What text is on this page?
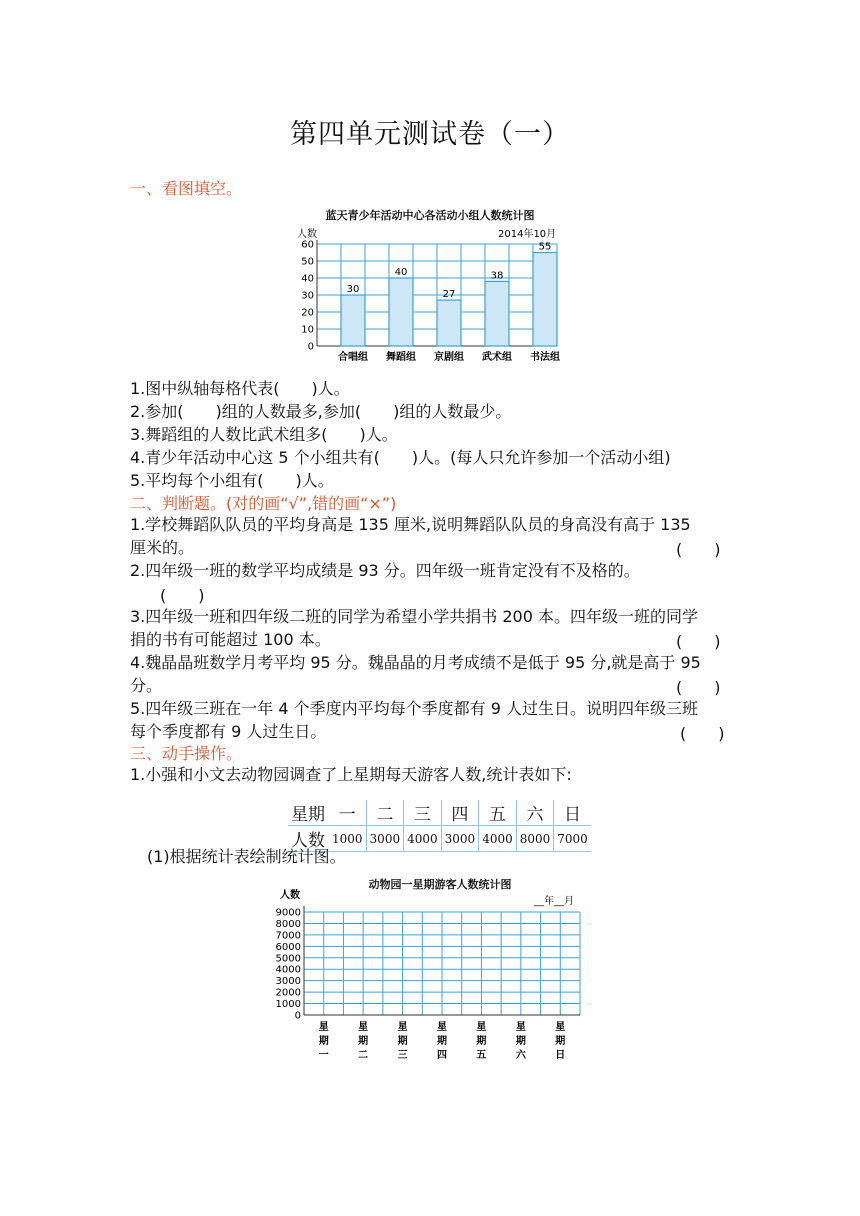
第四单元测试卷（一）
一、看图填空。
蓝天青少年活动中心各活动小组人数统计图
人数	2014年10月
30
40
27
38
55
0
10
20
30
40
50
60
合唱组 舞蹈组 京剧组 武术组 书法组
1.图中纵轴每格代表(　　)人。
2.参加(　　)组的人数最多,参加(　　)组的人数最少。
3.舞蹈组的人数比武术组多(　　)人。
4.青少年活动中心这 5 个小组共有(　　)人。(每人只允许参加一个活动小组)
5.平均每个小组有(　　)人。
二、判断题。(对的画“√”,错的画“×”)
1.学校舞蹈队队员的平均身高是 135 厘米,说明舞蹈队队员的身高没有高于 135
厘米的。
2.四年级一班的数学平均成绩是 93 分。四年级一班肯定没有不及格的。
3.四年级一班和四年级二班的同学为希望小学共捐书 200 本。四年级一班的同学
捐的书有可能超过 100 本。
4.魏晶晶班数学月考平均 95 分。魏晶晶的月考成绩不是低于 95 分,就是高于 95
分。
5.四年级三班在一年 4 个季度内平均每个季度都有 9 人过生日。说明四年级三班
每个季度都有 9 人过生日。
(　　)
(　　)
(　　)
(　　)
(　　)
三、动手操作。
1.小强和小文去动物园调查了上星期每天游客人数,统计表如下:
星期	一	二	三	四	五	六	日
人数	1000	3000	4000	3000	4000	8000	7000
(1)根据统计表绘制统计图。
动物园一星期游客人数统计图
人数
__年__月
0
1000
2000
3000
4000
5000
6000
7000
8000
9000
星
期
一
星
期
二
星
期
三
星
期
四
星
期
五
星
期
六
星
期
日
